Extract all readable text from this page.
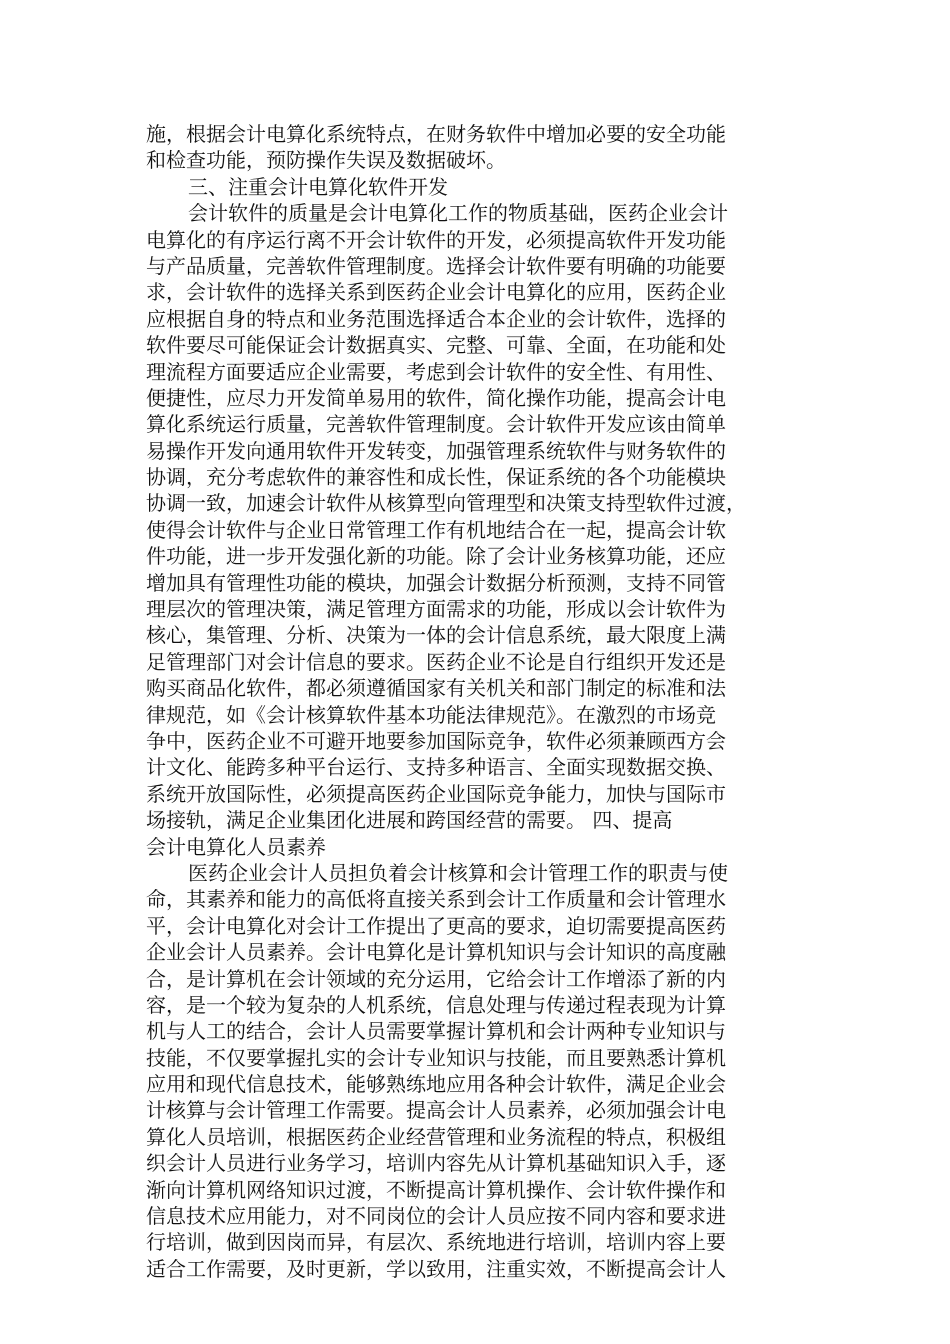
施，根据会计电算化系统特点，在财务软件中增加必要的安全功能
和检查功能，预防操作失误及数据破坏。
三、注重会计电算化软件开发
会计软件的质量是会计电算化工作的物质基础，医药企业会计
电算化的有序运行离不开会计软件的开发，必须提高软件开发功能
与产品质量，完善软件管理制度。选择会计软件要有明确的功能要
求，会计软件的选择关系到医药企业会计电算化的应用，医药企业
应根据自身的特点和业务范围选择适合本企业的会计软件，选择的
软件要尽可能保证会计数据真实、完整、可靠、全面，在功能和处
理流程方面要适应企业需要，考虑到会计软件的安全性、有用性、
便捷性，应尽力开发简单易用的软件，简化操作功能，提高会计电
算化系统运行质量，完善软件管理制度。会计软件开发应该由简单
易操作开发向通用软件开发转变，加强管理系统软件与财务软件的
协调，充分考虑软件的兼容性和成长性，保证系统的各个功能模块
协调一致，加速会计软件从核算型向管理型和决策支持型软件过渡，
使得会计软件与企业日常管理工作有机地结合在一起，提高会计软
件功能，进一步开发强化新的功能。除了会计业务核算功能，还应
增加具有管理性功能的模块，加强会计数据分析预测，支持不同管
理层次的管理决策，满足管理方面需求的功能，形成以会计软件为
核心，集管理、分析、决策为一体的会计信息系统，最大限度上满
足管理部门对会计信息的要求。医药企业不论是自行组织开发还是
购买商品化软件，都必须遵循国家有关机关和部门制定的标准和法
律规范，如《会计核算软件基本功能法律规范》。在激烈的市场竞
争中，医药企业不可避开地要参加国际竞争，软件必须兼顾西方会
计文化、能跨多种平台运行、支持多种语言、全面实现数据交换、
系统开放国际性，必须提高医药企业国际竞争能力，加快与国际市
场接轨，满足企业集团化进展和跨国经营的需要。 四、提高
会计电算化人员素养
医药企业会计人员担负着会计核算和会计管理工作的职责与使
命，其素养和能力的高低将直接关系到会计工作质量和会计管理水
平，会计电算化对会计工作提出了更高的要求，迫切需要提高医药
企业会计人员素养。会计电算化是计算机知识与会计知识的高度融
合，是计算机在会计领域的充分运用，它给会计工作增添了新的内
容，是一个较为复杂的人机系统，信息处理与传递过程表现为计算
机与人工的结合，会计人员需要掌握计算机和会计两种专业知识与
技能，不仅要掌握扎实的会计专业知识与技能，而且要熟悉计算机
应用和现代信息技术，能够熟练地应用各种会计软件，满足企业会
计核算与会计管理工作需要。提高会计人员素养，必须加强会计电
算化人员培训，根据医药企业经营管理和业务流程的特点，积极组
织会计人员进行业务学习，培训内容先从计算机基础知识入手，逐
渐向计算机网络知识过渡，不断提高计算机操作、会计软件操作和
信息技术应用能力，对不同岗位的会计人员应按不同内容和要求进
行培训，做到因岗而异，有层次、系统地进行培训，培训内容上要
适合工作需要，及时更新，学以致用，注重实效，不断提高会计人
